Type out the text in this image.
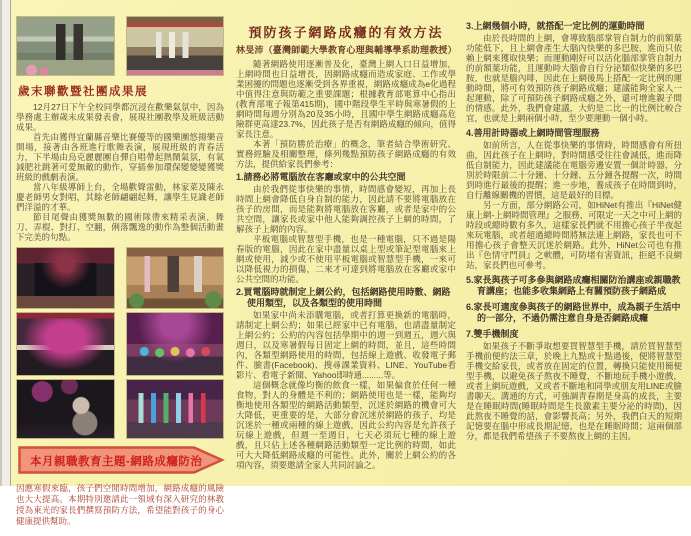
歲末聯歡暨社團成果展

12月27日下午全校同學都沉浸在歡樂氣氛中，因為學務處主辦歲末成果發表會，展現社團教學及班級活動成果。

首先由獲得宜蘭縣音樂比賽優等的國樂團悠揚樂音開場，接著由各班進行歌舞表演，展現班級的青春活力，下半場由烏克麗麗團自彈自唱帶起熱鬧氣氛，有氧減肥社跳著可愛無敵的動作，穿插參加環保變變變獲獎班級的戲劇表演。

當八年級導師上台，全場歡聲雷動，林家菜及陳永慶老師男女對唱，其餘老師翩翩起舞，讓學生見識老師們洋溢的才華。

節目尾聲由獲獎無數的國術隊帶來精采表演，舞刀、弄棍、對打、空翻，俐落飄逸的動作為整個活動畫下完美的句點。

本月親職教育主題-網路成癮防治

因應寒假來臨，孩子們空閒時間增加，網路成癮的風險也大大提高。本期特別邀請此一領域有深入研究的林教授為東光的家長們撰寫預防方法，希望能對孩子的身心健康提供幫助。

預防孩子網路成癮的有效方法
林旻沛（臺灣師範大學教育心理與輔導學系助理教授）

隨著網路使用逐漸普及化，臺灣上網人口日益增加，上網時間也日益增長，因網路成癮而造成家庭、工作或學業困擾的問題也逐漸受到各界重視，網路成癮成為e化過程中值得注意與防範之重要課題；根據教育部電算中心指出(教育部電子報第415期)，國中階段學生平時與寒暑假的上網時間每週分別為20及35小時，且國中學生網路成癮高危險群更高達23.7%，因此孩子是否有網路成癮的傾向，值得家長注意。

本著「預防勝於治療」的概念，筆者結合學術研究、實務經驗及相關整理，條列幾點預防孩子網路成癮的有效方法，提供給家長們參考：

1.請務必將電腦放在客廳或家中的公共空間

由於我們從事快樂的事情，時間感會變短，再加上長時間上網會降低自身自制的能力，因此請不要將電腦放在孩子的房間，而是能夠將電腦放在客廳，或者是家中的公共空間，讓家長或家中他人能夠調控孩子上網的時間，了解孩子上網的內容。

平板電腦或智慧型手機，也是一種電腦，只不過是陽春版的電腦，因此在家中盡量以桌上型或筆記型電腦來上網或使用，減少或不使用平板電腦或智慧型手機，一來可以降低視力的損傷，二來才可達到將電腦放在客廳或家中公共空間的功能。

2.買電腦時就制定上網公約，包括網路使用時數、網路使用類型，以及各類型的使用時間

如果家中尚未添購電腦，或者打算更換新的電腦時，請制定上網公約；如果已經家中已有電腦，也請盡量制定上網公約；公約的內容包括學期中的週一到週五，週六與週日，以及寒暑假每日固定上網的時間，並且，這些時間內，各類型網路使用的時間，包括線上遊戲、收發電子郵件、臉書(Facebook)、搜尋課業資料、LINE、YouTube看影片、看電子新聞、Yahoo即時通.........等。

這個概念就像均衡的飲食一樣，如果偏食於任何一種食物，對人的身體是不利的；網路使用也是一樣，能夠均衡地使用各類型的網路活動類型，沉迷於網路的機會可大大降低，更重要的是，大部分會沉迷於網路的孩子，均是沉迷於一種或兩種的線上遊戲，因此公約內容是允許孩子玩線上遊戲，但週一至週日，七天必須玩七種的線上遊戲，且只佔上述各種網路活動類型一定比例的時間，如此可大大降低網路成癮的可能性。此外，關於上網公約的各項內容，須要邀請全家人共同討論之。

3.上網幾個小時，就搭配一定比例的運動時間

由於長時間的上網，會導致腦部掌管自制力的前額葉功能低下，且上網會產生大腦內快樂的多巴胺，進而只依賴上網來獲取快樂；而運動剛好可以活化腦部掌管自制力的前額葉功能，且運動時大腦會自行分泌類似快樂的多巴胺，也就是腦內啡，因此在上網後馬上搭配一定比例的運動時間，將可有效預防孩子網路成癮；建議能夠全家人一起運動，除了可預防孩子網路成癮之外，還可增進親子間的情感。此外，我們會建議，大約是二比一的比例比較合宜，也就是上網兩個小時，至少要運動一個小時。

4.善用計時器或上網時間管理服務

如前所言，人在從事快樂的事情時，時間感會有所扭曲，因此孩子在上網時，對時間感受往往會減低，進而降低自制能力，因此建議能在電腦旁邊安置一個計時器，分別於時限前二十分鐘、十分鐘、五分鐘各提醒一次，時間到時進行最後的提醒；進一步地，養成孩子在時間到時，自行離線關機的習慣，這是最好的目標。

另一方面，部分網路公司，如HiNet有推出『HiNet健康上網-上網時間管理』之服務，可限定一天之中可上網的時段或總時數有多久，這樣家長們就不用擔心孩子半夜起來玩電腦，或者超過總時間將無法連上網路，家長也可不用擔心孩子會整天沉迷於網路。此外，HiNet公司也有推出『色情守門員』之軟體，可防堵有害資訊，拒絕不良網站，家長們也可參考。

5.家長與孩子可多參與網路成癮相關防治講座或親職教育講座；也能多收集網路上有關預防孩子網路成
6.家長可適度參與孩子的網路世界中，成為親子生活中的一部分，不過仍需注意自身是否網路成癮
7.雙手機制度

如果孩子不斷爭取想要買智慧型手機，請於買智慧型手機前便約法三章，於晚上九點或十點過後，便將智慧型手機交給家長，或者放在固定的位置，轉換只能使用簡便型手機，以避免孩子熬夜不睡覺，不斷地玩手機小遊戲，或者上網玩遊戲，又或者不斷地和同學或朋友用LINE或臉書聊天。溝通的方式，可強調青春期是身高的成長，主要是在睡眠時間(睡眠時間是生長激素主要分泌的時間)，因此熬夜不睡覺的話，會影響長高；另外，我們白天的短期記憶要在腦中形成長期記憶，也是在睡眠時間；這兩個部分，都是我們希望孩子不要熬夜上網的主因。
